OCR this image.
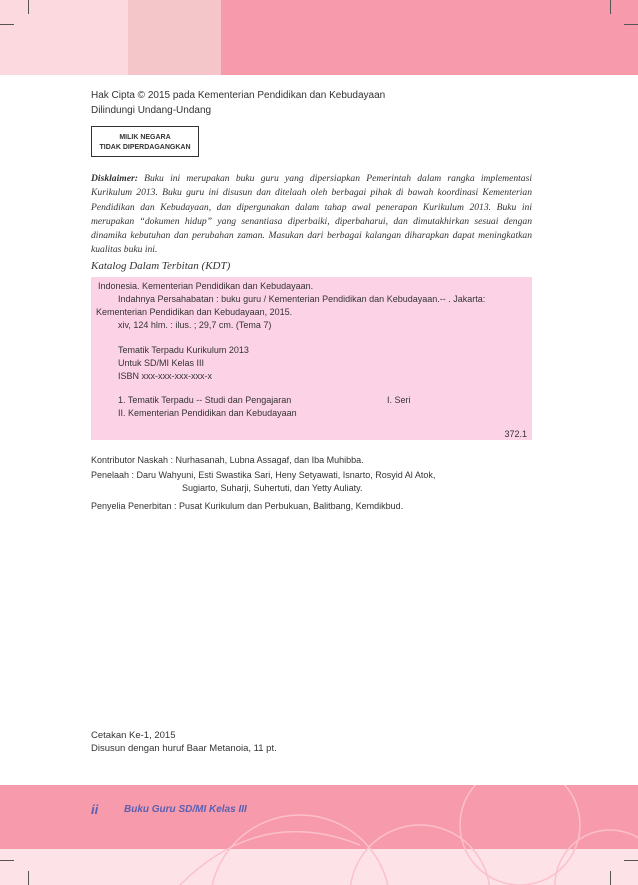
Hak Cipta © 2015 pada Kementerian Pendidikan dan Kebudayaan
Dilindungi Undang-Undang
MILIK NEGARA
TIDAK DIPERDAGANGKAN
Disklaimer: Buku ini merupakan buku guru yang dipersiapkan Pemerintah dalam rangka implementasi Kurikulum 2013. Buku guru ini disusun dan ditelaah oleh berbagai pihak di bawah koordinasi Kementerian Pendidikan dan Kebudayaan, dan dipergunakan dalam tahap awal penerapan Kurikulum 2013. Buku ini merupakan “dokumen hidup” yang senantiasa diperbaiki, diperbaharui, dan dimutakhirkan sesuai dengan dinamika kebutuhan dan perubahan zaman. Masukan dari berbagai kalangan diharapkan dapat meningkatkan kualitas buku ini.
Katalog Dalam Terbitan (KDT)
Indonesia. Kementerian Pendidikan dan Kebudayaan.
Indahnya Persahabatan : buku guru / Kementerian Pendidikan dan Kebudayaan.-- . Jakarta:
Kementerian Pendidikan dan Kebudayaan, 2015.
xiv, 124 hlm. : ilus. ; 29,7 cm. (Tema 7)
Tematik Terpadu Kurikulum 2013
Untuk SD/MI Kelas III
ISBN xxx-xxx-xxx-xxx-x
1. Tematik Terpadu -- Studi dan Pengajaran	I. Seri
II. Kementerian Pendidikan dan Kebudayaan
372.1
Kontributor Naskah : Nurhasanah, Lubna Assagaf, dan Iba Muhibba.
Penelaah : Daru Wahyuni, Esti Swastika Sari, Heny Setyawati, Isnarto, Rosyid Al Atok,
Sugiarto, Suharji, Suhertuti, dan Yetty Auliaty.
Penyelia Penerbitan : Pusat Kurikulum dan Perbukuan, Balitbang, Kemdikbud.
Cetakan Ke-1, 2015
Disusun dengan huruf Baar Metanoia, 11 pt.
ii	Buku Guru SD/MI Kelas III
